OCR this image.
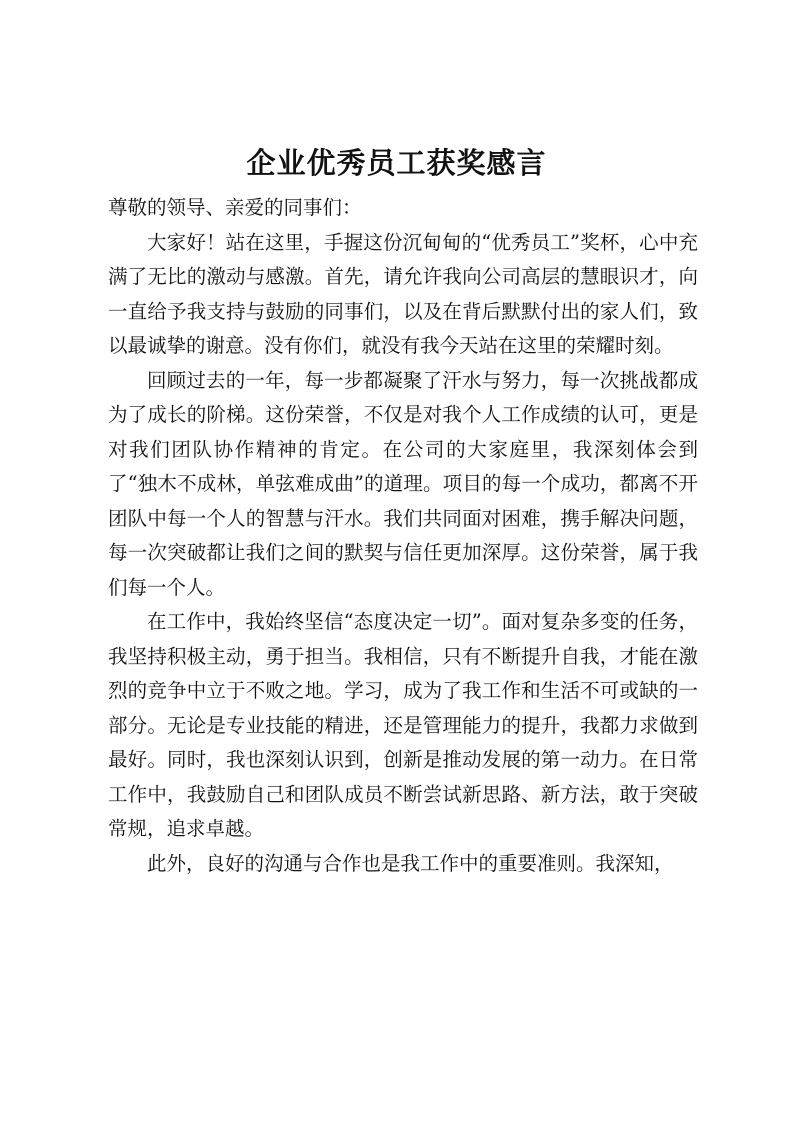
企业优秀员工获奖感言

尊敬的领导、亲爱的同事们：

大家好！站在这里，手握这份沉甸甸的“优秀员工”奖杯，心中充满了无比的激动与感激。首先，请允许我向公司高层的慧眼识才，向一直给予我支持与鼓励的同事们，以及在背后默默付出的家人们，致以最诚挚的谢意。没有你们，就没有我今天站在这里的荣耀时刻。

回顾过去的一年，每一步都凝聚了汗水与努力，每一次挑战都成为了成长的阶梯。这份荣誉，不仅是对我个人工作成绩的认可，更是对我们团队协作精神的肯定。在公司的大家庭里，我深刻体会到了“独木不成林，单弦难成曲”的道理。项目的每一个成功，都离不开团队中每一个人的智慧与汗水。我们共同面对困难，携手解决问题，每一次突破都让我们之间的默契与信任更加深厚。这份荣誉，属于我们每一个人。

在工作中，我始终坚信“态度决定一切”。面对复杂多变的任务，我坚持积极主动，勇于担当。我相信，只有不断提升自我，才能在激烈的竞争中立于不败之地。学习，成为了我工作和生活不可或缺的一部分。无论是专业技能的精进，还是管理能力的提升，我都力求做到最好。同时，我也深刻认识到，创新是推动发展的第一动力。在日常工作中，我鼓励自己和团队成员不断尝试新思路、新方法，敢于突破常规，追求卓越。

此外，良好的沟通与合作也是我工作中的重要准则。我深知，
